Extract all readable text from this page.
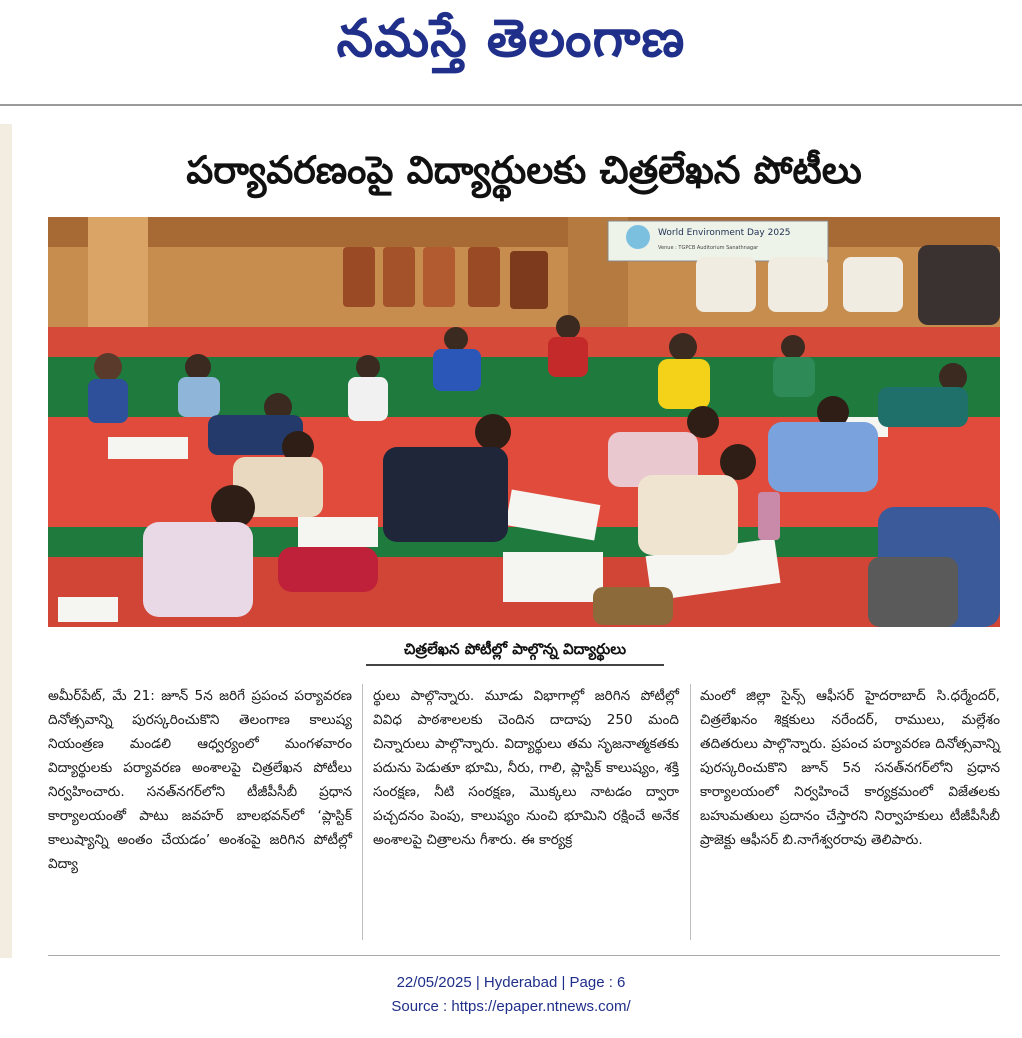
నమస్తే తెలంగాణ
పర్యావరణంపై విద్యార్థులకు చిత్రలేఖన పోటీలు
World Environment Day 2025
Venue : TGPCB Auditorium Sanathnagar
చిత్రలేఖన పోటీల్లో పాల్గొన్న విద్యార్థులు

అమీర్‌పేట్‌, మే 21: జూన్‌ 5న జరిగే ప్రపంచ పర్యావరణ దినోత్సవాన్ని పురస్కరించుకొని తెలంగాణ కాలుష్య నియంత్రణ మండలి ఆధ్వర్యంలో మంగళవారం విద్యార్థులకు పర్యావరణ అంశాలపై చిత్రలేఖన పోటీలు నిర్వహించారు. సనత్‌నగర్‌లోని టీజీపీసీబీ ప్రధాన కార్యాలయంతో పాటు జవహర్‌ బాలభవన్‌లో ‘ప్లాస్టిక్‌ కాలుష్యాన్ని అంతం చేయడం’ అంశంపై జరిగిన పోటీల్లో విద్యా

ర్థులు పాల్గొన్నారు. మూడు విభాగాల్లో జరిగిన పోటీల్లో వివిధ పాఠశాలలకు చెందిన దాదాపు 250 మంది చిన్నారులు పాల్గొన్నారు. విద్యార్థులు తమ సృజనాత్మకతకు పదును పెడుతూ భూమి, నీరు, గాలి, ప్లాస్టిక్‌ కాలుష్యం, శక్తి సంరక్షణ, నీటి సంరక్షణ, మొక్కలు నాటడం ద్వారా పచ్చదనం పెంపు, కాలుష్యం నుంచి భూమిని రక్షించే అనేక అంశాలపై చిత్రాలను గీశారు. ఈ కార్యక్ర

మంలో జిల్లా సైన్స్‌ ఆఫీసర్‌ హైదరాబాద్‌ సి.ధర్మేందర్‌, చిత్రలేఖనం శిక్షకులు నరేందర్‌, రాములు, మల్లేశం తదితరులు పాల్గొన్నారు. ప్రపంచ పర్యావరణ దినోత్సవాన్ని పురస్కరించుకొని జూన్‌ 5న సనత్‌నగర్‌లోని ప్రధాన కార్యాలయంలో నిర్వహించే కార్యక్రమంలో విజేతలకు బహుమతులు ప్రదానం చేస్తారని నిర్వాహకులు టీజీపీసీబీ ప్రాజెక్టు ఆఫీసర్‌ బి.నాగేశ్వరరావు తెలిపారు.

22/05/2025 | Hyderabad | Page : 6
Source : https://epaper.ntnews.com/
